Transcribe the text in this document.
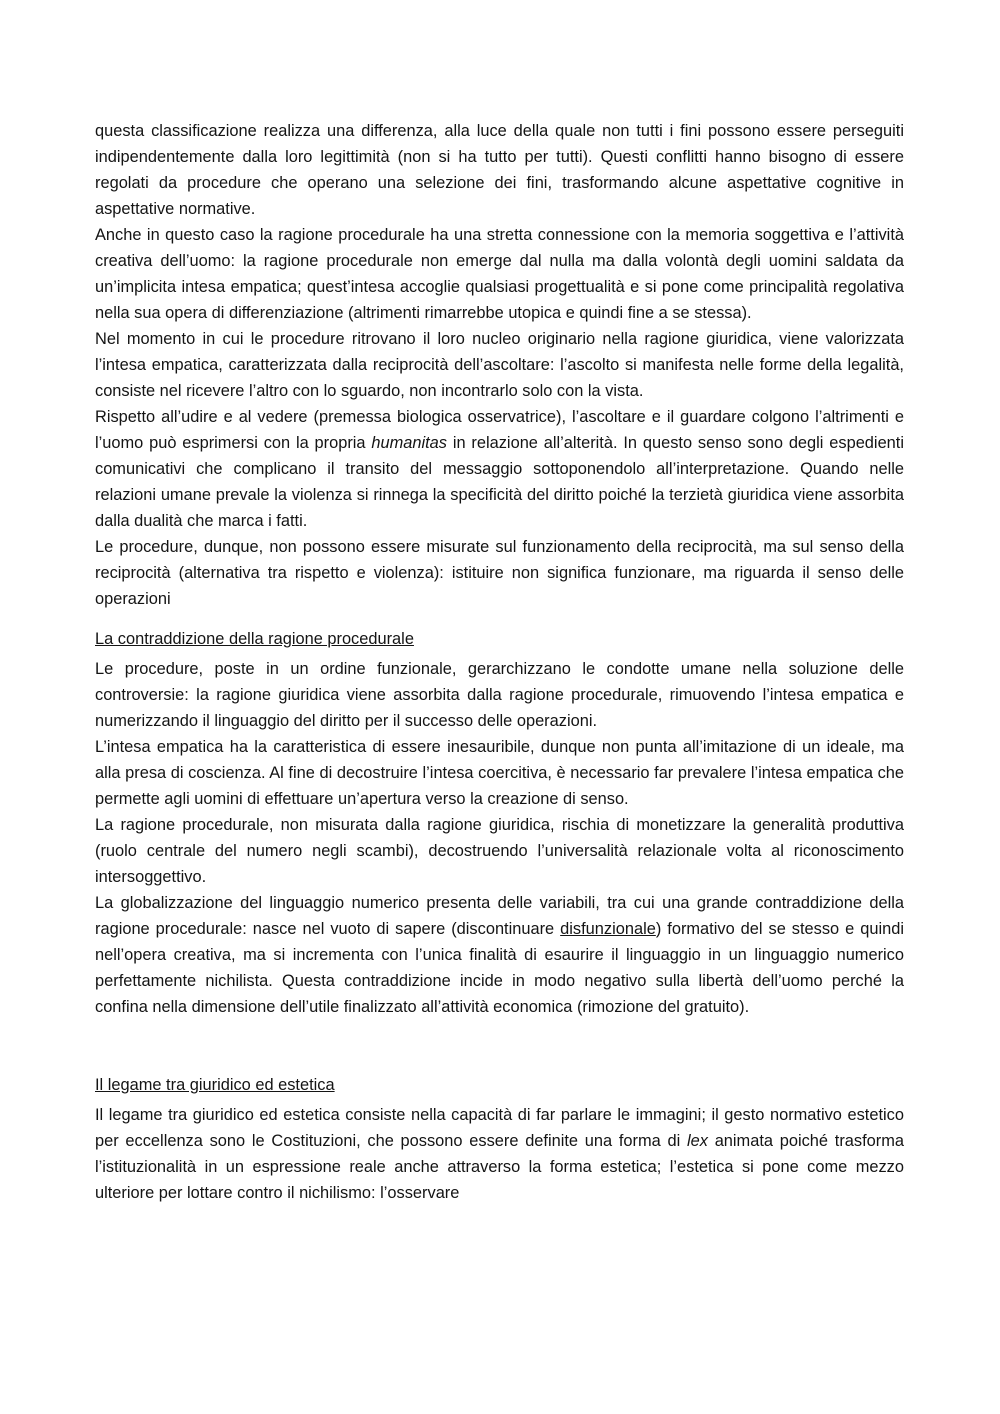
questa classificazione realizza una differenza, alla luce della quale non tutti i fini possono essere perseguiti indipendentemente dalla loro legittimità (non si ha tutto per tutti). Questi conflitti hanno bisogno di essere regolati da procedure che operano una selezione dei fini, trasformando alcune aspettative cognitive in aspettative normative.

Anche in questo caso la ragione procedurale ha una stretta connessione con la memoria soggettiva e l’attività creativa dell’uomo: la ragione procedurale non emerge dal nulla ma dalla volontà degli uomini saldata da un’implicita intesa empatica; quest’intesa accoglie qualsiasi progettualità e si pone come principalità regolativa nella sua opera di differenziazione (altrimenti rimarrebbe utopica e quindi fine a se stessa).

Nel momento in cui le procedure ritrovano il loro nucleo originario nella ragione giuridica, viene valorizzata l’intesa empatica, caratterizzata dalla reciprocità dell’ascoltare: l’ascolto si manifesta nelle forme della legalità, consiste nel ricevere l’altro con lo sguardo, non incontrarlo solo con la vista.

Rispetto all’udire e al vedere (premessa biologica osservatrice), l’ascoltare e il guardare colgono l’altrimenti e l’uomo può esprimersi con la propria humanitas in relazione all’alterità. In questo senso sono degli espedienti comunicativi che complicano il transito del messaggio sottoponendolo all’interpretazione. Quando nelle relazioni umane prevale la violenza si rinnega la specificità del diritto poiché la terzietà giuridica viene assorbita dalla dualità che marca i fatti.

Le procedure, dunque, non possono essere misurate sul funzionamento della reciprocità, ma sul senso della reciprocità (alternativa tra rispetto e violenza): istituire non significa funzionare, ma riguarda il senso delle operazioni

La contraddizione della ragione procedurale

Le procedure, poste in un ordine funzionale, gerarchizzano le condotte umane nella soluzione delle controversie: la ragione giuridica viene assorbita dalla ragione procedurale, rimuovendo l’intesa empatica e numerizzando il linguaggio del diritto per il successo delle operazioni.

L’intesa empatica ha la caratteristica di essere inesauribile, dunque non punta all’imitazione di un ideale, ma alla presa di coscienza. Al fine di decostruire l’intesa coercitiva, è necessario far prevalere l’intesa empatica che permette agli uomini di effettuare un’apertura verso la creazione di senso.

La ragione procedurale, non misurata dalla ragione giuridica, rischia di monetizzare la generalità produttiva (ruolo centrale del numero negli scambi), decostruendo l’universalità relazionale volta al riconoscimento intersoggettivo.

La globalizzazione del linguaggio numerico presenta delle variabili, tra cui una grande contraddizione della ragione procedurale: nasce nel vuoto di sapere (discontinuare disfunzionale) formativo del se stesso e quindi nell’opera creativa, ma si incrementa con l’unica finalità di esaurire il linguaggio in un linguaggio numerico perfettamente nichilista. Questa contraddizione incide in modo negativo sulla libertà dell’uomo perché la confina nella dimensione dell’utile finalizzato all’attività economica (rimozione del gratuito).

Il legame tra giuridico ed estetica

Il legame tra giuridico ed estetica consiste nella capacità di far parlare le immagini; il gesto normativo estetico per eccellenza sono le Costituzioni, che possono essere definite una forma di lex animata poiché trasforma l’istituzionalità in un espressione reale anche attraverso la forma estetica; l’estetica si pone come mezzo ulteriore per lottare contro il nichilismo: l’osservare
